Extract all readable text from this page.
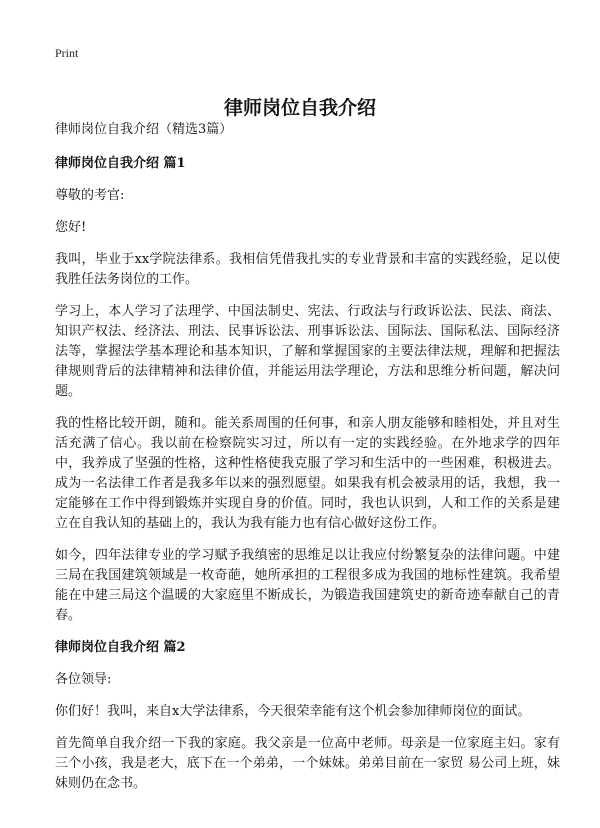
Print
律师岗位自我介绍

律师岗位自我介绍（精选3篇）

律师岗位自我介绍 篇1

尊敬的考官:

您好!

我叫，毕业于xx学院法律系。我相信凭借我扎实的专业背景和丰富的实践经验，足以使我胜任法务岗位的工作。

学习上，本人学习了法理学、中国法制史、宪法、行政法与行政诉讼法、民法、商法、知识产权法、经济法、刑法、民事诉讼法、刑事诉讼法、国际法、国际私法、国际经济法等，掌握法学基本理论和基本知识，了解和掌握国家的主要法律法规，理解和把握法律规则背后的法律精神和法律价值，并能运用法学理论，方法和思维分析问题，解决问题。

我的性格比较开朗，随和。能关系周围的任何事，和亲人朋友能够和睦相处，并且对生活充满了信心。我以前在检察院实习过，所以有一定的实践经验。在外地求学的四年中，我养成了坚强的性格，这种性格使我克服了学习和生活中的一些困难，积极进去。成为一名法律工作者是我多年以来的强烈愿望。如果我有机会被录用的话，我想，我一定能够在工作中得到锻炼并实现自身的价值。同时，我也认识到，人和工作的关系是建立在自我认知的基础上的，我认为我有能力也有信心做好这份工作。

如今，四年法律专业的学习赋予我缜密的思维足以让我应付纷繁复杂的法律问题。中建三局在我国建筑领域是一枚奇葩，她所承担的工程很多成为我国的地标性建筑。我希望能在中建三局这个温暖的大家庭里不断成长，为锻造我国建筑史的新奇迹奉献自己的青春。

律师岗位自我介绍 篇2

各位领导:

你们好！我叫，来自x大学法律系，今天很荣幸能有这个机会参加律师岗位的面试。

首先简单自我介绍一下我的家庭。我父亲是一位高中老师。母亲是一位家庭主妇。家有 三个小孩，我是老大，底下在一个弟弟，一个妹妹。弟弟目前在一家贸 易公司上班，妹妹则仍在念书。
